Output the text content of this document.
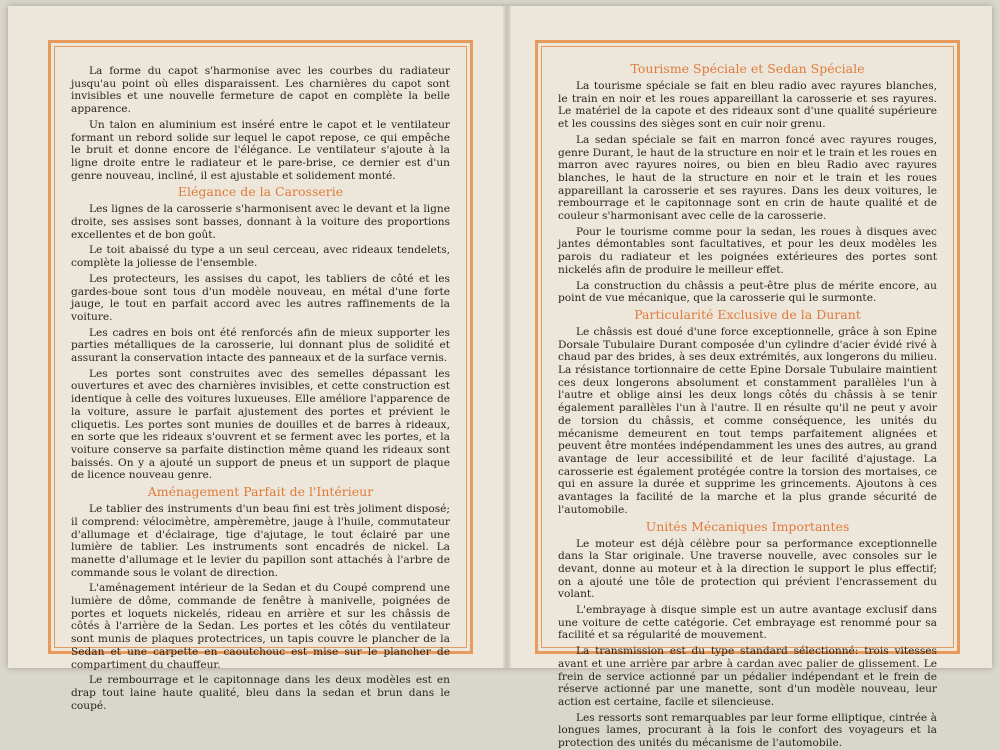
La forme du capot s'harmonise avec les courbes du radiateur jusqu'au point où elles disparaissent. Les charnières du capot sont invisibles et une nouvelle fermeture de capot en complète la belle apparence.

Un talon en aluminium est inséré entre le capot et le ventilateur formant un rebord solide sur lequel le capot repose, ce qui empêche le bruit et donne encore de l'élégance. Le ventilateur s'ajoute à la ligne droite entre le radiateur et le pare-brise, ce dernier est d'un genre nouveau, incliné, il est ajustable et solidement monté.

Elégance de la Carosserie

Les lignes de la carosserie s'harmonisent avec le devant et la ligne droite, ses assises sont basses, donnant à la voiture des proportions excellentes et de bon goût.

Le toit abaissé du type a un seul cerceau, avec rideaux tendelets, complète la joliesse de l'ensemble.

Les protecteurs, les assises du capot, les tabliers de côté et les gardes-boue sont tous d'un modèle nouveau, en métal d'une forte jauge, le tout en parfait accord avec les autres raffinements de la voiture.

Les cadres en bois ont été renforcés afin de mieux supporter les parties métalliques de la carosserie, lui donnant plus de solidité et assurant la conservation intacte des panneaux et de la surface vernis.

Les portes sont construites avec des semelles dépassant les ouvertures et avec des charnières invisibles, et cette construction est identique à celle des voitures luxueuses. Elle améliore l'apparence de la voiture, assure le parfait ajustement des portes et prévient le cliquetis. Les portes sont munies de douilles et de barres à rideaux, en sorte que les rideaux s'ouvrent et se ferment avec les portes, et la voiture conserve sa parfaite distinction même quand les rideaux sont baissés. On y a ajouté un support de pneus et un support de plaque de licence nouveau genre.

Aménagement Parfait de l'Intérieur

Le tablier des instruments d'un beau fini est très joliment disposé; il comprend: vélocimètre, ampèremètre, jauge à l'huile, commutateur d'allumage et d'éclairage, tige d'ajutage, le tout éclairé par une lumière de tablier. Les instruments sont encadrés de nickel. La manette d'allumage et le levier du papillon sont attachés à l'arbre de commande sous le volant de direction.

L'aménagement intérieur de la Sedan et du Coupé comprend une lumière de dôme, commande de fenêtre à manivelle, poignées de portes et loquets nickelés, rideau en arrière et sur les châssis de côtés à l'arrière de la Sedan. Les portes et les côtés du ventilateur sont munis de plaques protectrices, un tapis couvre le plancher de la Sedan et une carpette en caoutchouc est mise sur le plancher de compartiment du chauffeur.

Le rembourrage et le capitonnage dans les deux modèles est en drap tout laine haute qualité, bleu dans la sedan et brun dans le coupé.

Tourisme Spéciale et Sedan Spéciale

La tourisme spéciale se fait en bleu radio avec rayures blanches, le train en noir et les roues appareillant la carosserie et ses rayures. Le matériel de la capote et des rideaux sont d'une qualité supérieure et les coussins des sièges sont en cuir noir grenu.

La sedan spéciale se fait en marron foncé avec rayures rouges, genre Durant, le haut de la structure en noir et le train et les roues en marron avec rayures noires, ou bien en bleu Radio avec rayures blanches, le haut de la structure en noir et le train et les roues appareillant la carosserie et ses rayures. Dans les deux voitures, le rembourrage et le capitonnage sont en crin de haute qualité et de couleur s'harmonisant avec celle de la carosserie.

Pour le tourisme comme pour la sedan, les roues à disques avec jantes démontables sont facultatives, et pour les deux modèles les parois du radiateur et les poignées extérieures des portes sont nickelés afin de produire le meilleur effet.

La construction du châssis a peut-être plus de mérite encore, au point de vue mécanique, que la carosserie qui le surmonte.

Particularité Exclusive de la Durant

Le châssis est doué d'une force exceptionnelle, grâce à son Epine Dorsale Tubulaire Durant composée d'un cylindre d'acier évidé rivé à chaud par des brides, à ses deux extrémités, aux longerons du milieu. La résistance tortionnaire de cette Epine Dorsale Tubulaire maintient ces deux longerons absolument et constamment parallèles l'un à l'autre et oblige ainsi les deux longs côtés du châssis à se tenir également parallèles l'un à l'autre. Il en résulte qu'il ne peut y avoir de torsion du châssis, et comme conséquence, les unités du mécanisme demeurent en tout temps parfaitement alignées et peuvent être montées indépendamment les unes des autres, au grand avantage de leur accessibilité et de leur facilité d'ajustage. La carosserie est également protégée contre la torsion des mortaises, ce qui en assure la durée et supprime les grincements. Ajoutons à ces avantages la facilité de la marche et la plus grande sécurité de l'automobile.

Unités Mécaniques Importantes

Le moteur est déjà célèbre pour sa performance exceptionnelle dans la Star originale. Une traverse nouvelle, avec consoles sur le devant, donne au moteur et à la direction le support le plus effectif; on a ajouté une tôle de protection qui prévient l'encrassement du volant.

L'embrayage à disque simple est un autre avantage exclusif dans une voiture de cette catégorie. Cet embrayage est renommé pour sa facilité et sa régularité de mouvement.

La transmission est du type standard sélectionné: trois vitesses avant et une arrière par arbre à cardan avec palier de glissement. Le frein de service actionné par un pédalier indépendant et le frein de réserve actionné par une manette, sont d'un modèle nouveau, leur action est certaine, facile et silencieuse.

Les ressorts sont remarquables par leur forme elliptique, cintrée à longues lames, procurant à la fois le confort des voyageurs et la protection des unités du mécanisme de l'automobile.
